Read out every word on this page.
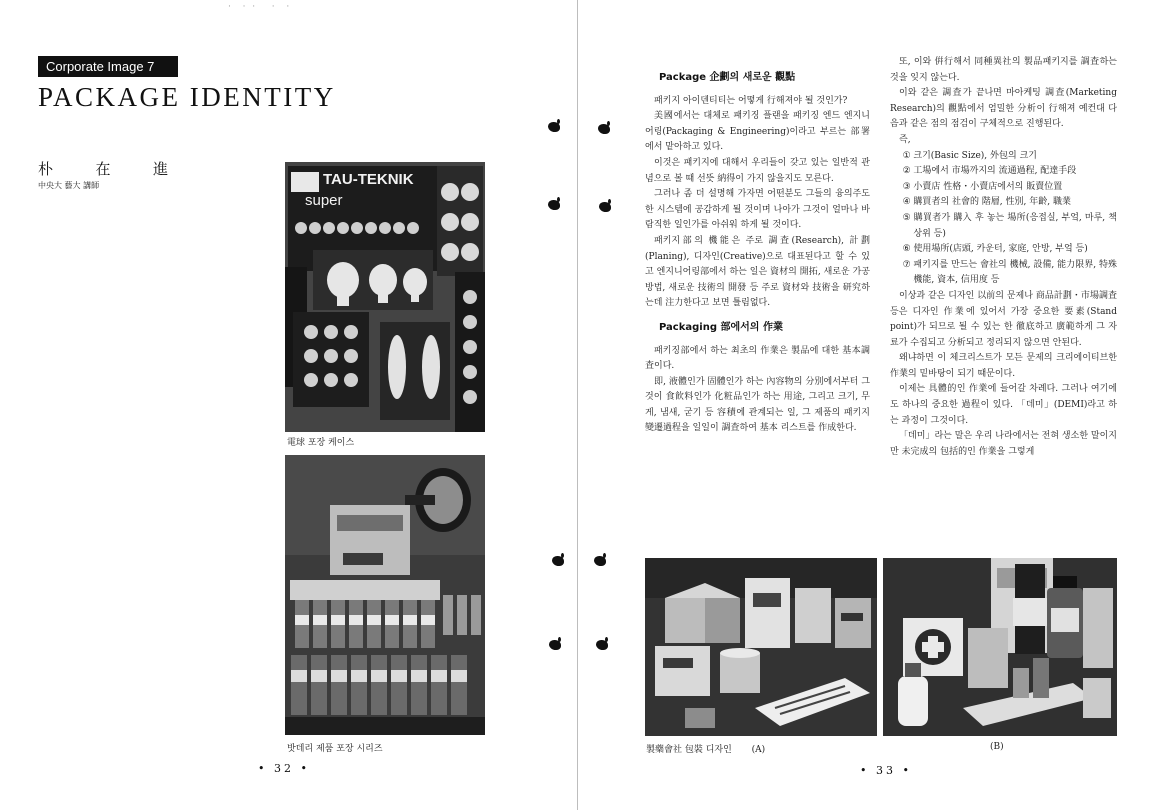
·  · ·   ·  ·
Corporate Image 7
PACKAGE IDENTITY
朴	在	進
中央大 藝大 講師	TAU-TEKNIK
super
電球 포장 케이스
밧데리 제품 포장 시리즈
• 32 •
Package 企劃의 새로운 觀點

패키지 아이덴티티는 어떻게 行해져야 될 것인가?

美國에서는 대체로 패키징 플랜을 패키징 엔드 엔지니어링(Packaging & Engineering)이라고 부르는 部署에서 맡아하고 있다.

이것은 패키지에 대해서 우리들이 갖고 있는 일반적 관념으로 볼 때 선뜻 納得이 가지 않을지도 모른다.

그러나 좀 더 설명해 가자면 어떤분도 그들의 융의주도한 시스템에 공감하게 될 것이며 나아가 그것이 얼마나 바람직한 일인가를 아쉬워 하게 될 것이다.

패키지部의 機能은 주로 調査(Research), 計劃(Planing), 디자인(Creative)으로 대표된다고 할 수 있고 엔지니어링部에서 하는 일은 資材의 開拓, 새로운 가공방법, 새로운 技術의 開發 등 주로 資材와 技術을 研究하는데 注力한다고 보면 틀림없다.

Packaging 部에서의 作業

패키징部에서 하는 최초의 作業은 製品에 대한 基本調査이다.

即, 液體인가 固體인가 하는 內容物의 分別에서부터 그것이 食飮料인가 化粧品인가 하는 用途, 그리고 크기, 무게, 냄새, 굳기 등 容積에 관계되는 일, 그 제품의 패키지變遷過程을 일일이 調査하여 基本 리스트를 作成한다.

또, 이와 倂行해서 同種異社의 製品패키지를 調査하는 것을 잊지 않는다.

이와 같은 調査가 끝나면 마아케팅 調査(Marketing Research)의 觀點에서 엄밀한 分析이 行해져 예컨대 다음과 같은 점의 점검이 구체적으로 진행된다.

즉,

① 크기(Basic Size), 外包의 크기
② 工場에서 市場까지의 流通過程, 配達手段
③ 小賣店 性格・小賣店에서의 販賣位置
④ 購買者의 社會的 階層, 性別, 年齡, 職業
⑤ 購買者가 購入 후 놓는 場所(응접실, 부엌, 마루, 책상위 등)
⑥ 使用場所(店頭, 카운터, 家庭, 안방, 부엌 등)
⑦ 패키지를 만드는 會社의 機械, 設備, 能力限界, 特殊機能, 資本, 信用度 등

이상과 같은 디자인 以前의 문제나 商品計劃・市場調査 등은 디자인 作業에 있어서 가장 중요한 要素(Stand point)가 되므로 될 수 있는 한 徹底하고 廣範하게 그 자료가 수집되고 分析되고 정리되지 않으면 안된다.

왜냐하면 이 체크리스트가 모든 문제의 크리에이티브한 作業의 밑바탕이 되기 때문이다.

이제는 具體的인 作業에 들어갈 차례다. 그러나 여기에도 하나의 중요한 過程이 있다. 「데미」(DEMI)라고 하는 과정이 그것이다.

「데미」라는 말은 우리 나라에서는 전혀 생소한 말이지만 未完成의 包括的인 作業을 그렇게

製藥會社 包裝 디자인 (A)	(B)
• 33 •
